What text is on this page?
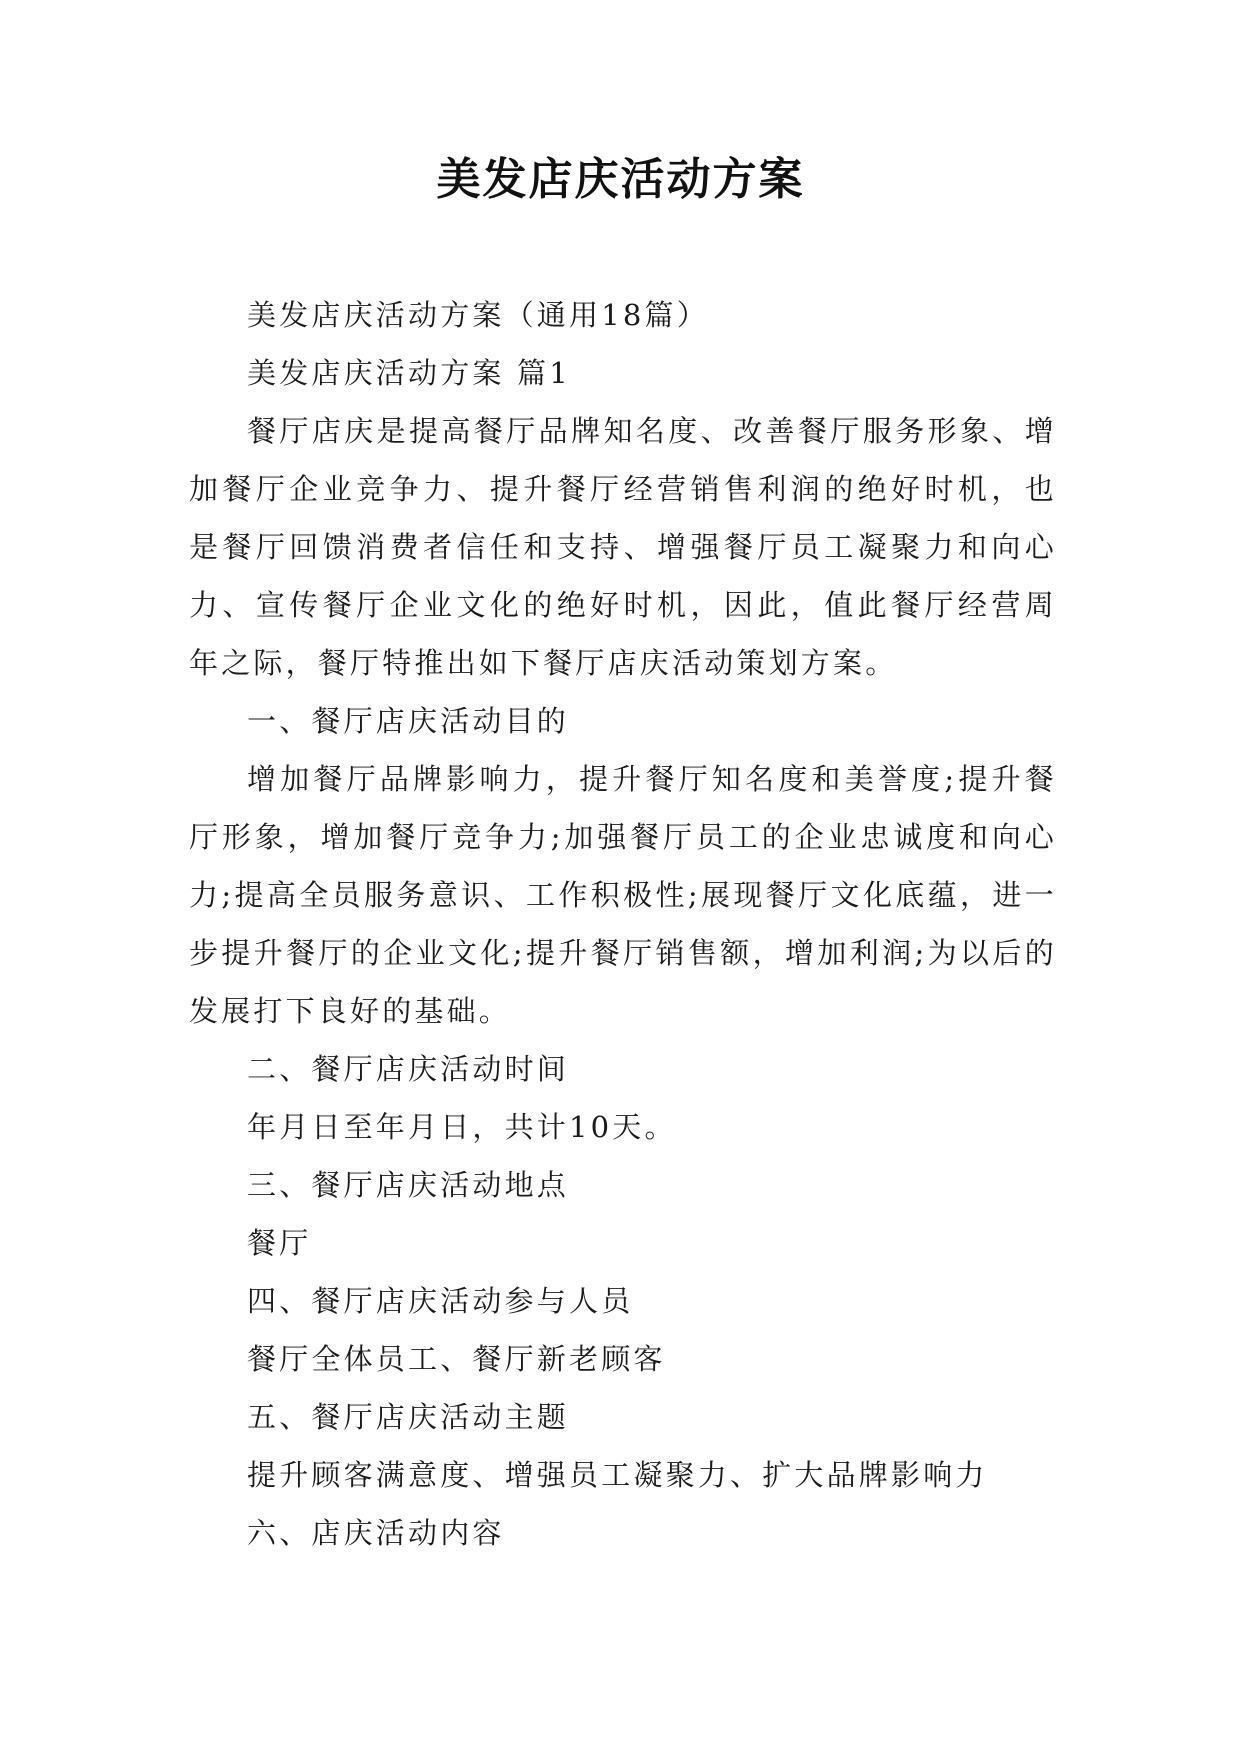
美发店庆活动方案

美发店庆活动方案（通用18篇）

美发店庆活动方案 篇1

餐厅店庆是提高餐厅品牌知名度、改善餐厅服务形象、增加餐厅企业竞争力、提升餐厅经营销售利润的绝好时机，也是餐厅回馈消费者信任和支持、增强餐厅员工凝聚力和向心力、宣传餐厅企业文化的绝好时机，因此，值此餐厅经营周年之际，餐厅特推出如下餐厅店庆活动策划方案。

一、餐厅店庆活动目的

增加餐厅品牌影响力，提升餐厅知名度和美誉度;提升餐厅形象，增加餐厅竞争力;加强餐厅员工的企业忠诚度和向心力;提高全员服务意识、工作积极性;展现餐厅文化底蕴，进一步提升餐厅的企业文化;提升餐厅销售额，增加利润;为以后的发展打下良好的基础。

二、餐厅店庆活动时间

年月日至年月日，共计10天。

三、餐厅店庆活动地点

餐厅

四、餐厅店庆活动参与人员

餐厅全体员工、餐厅新老顾客

五、餐厅店庆活动主题

提升顾客满意度、增强员工凝聚力、扩大品牌影响力

六、店庆活动内容
